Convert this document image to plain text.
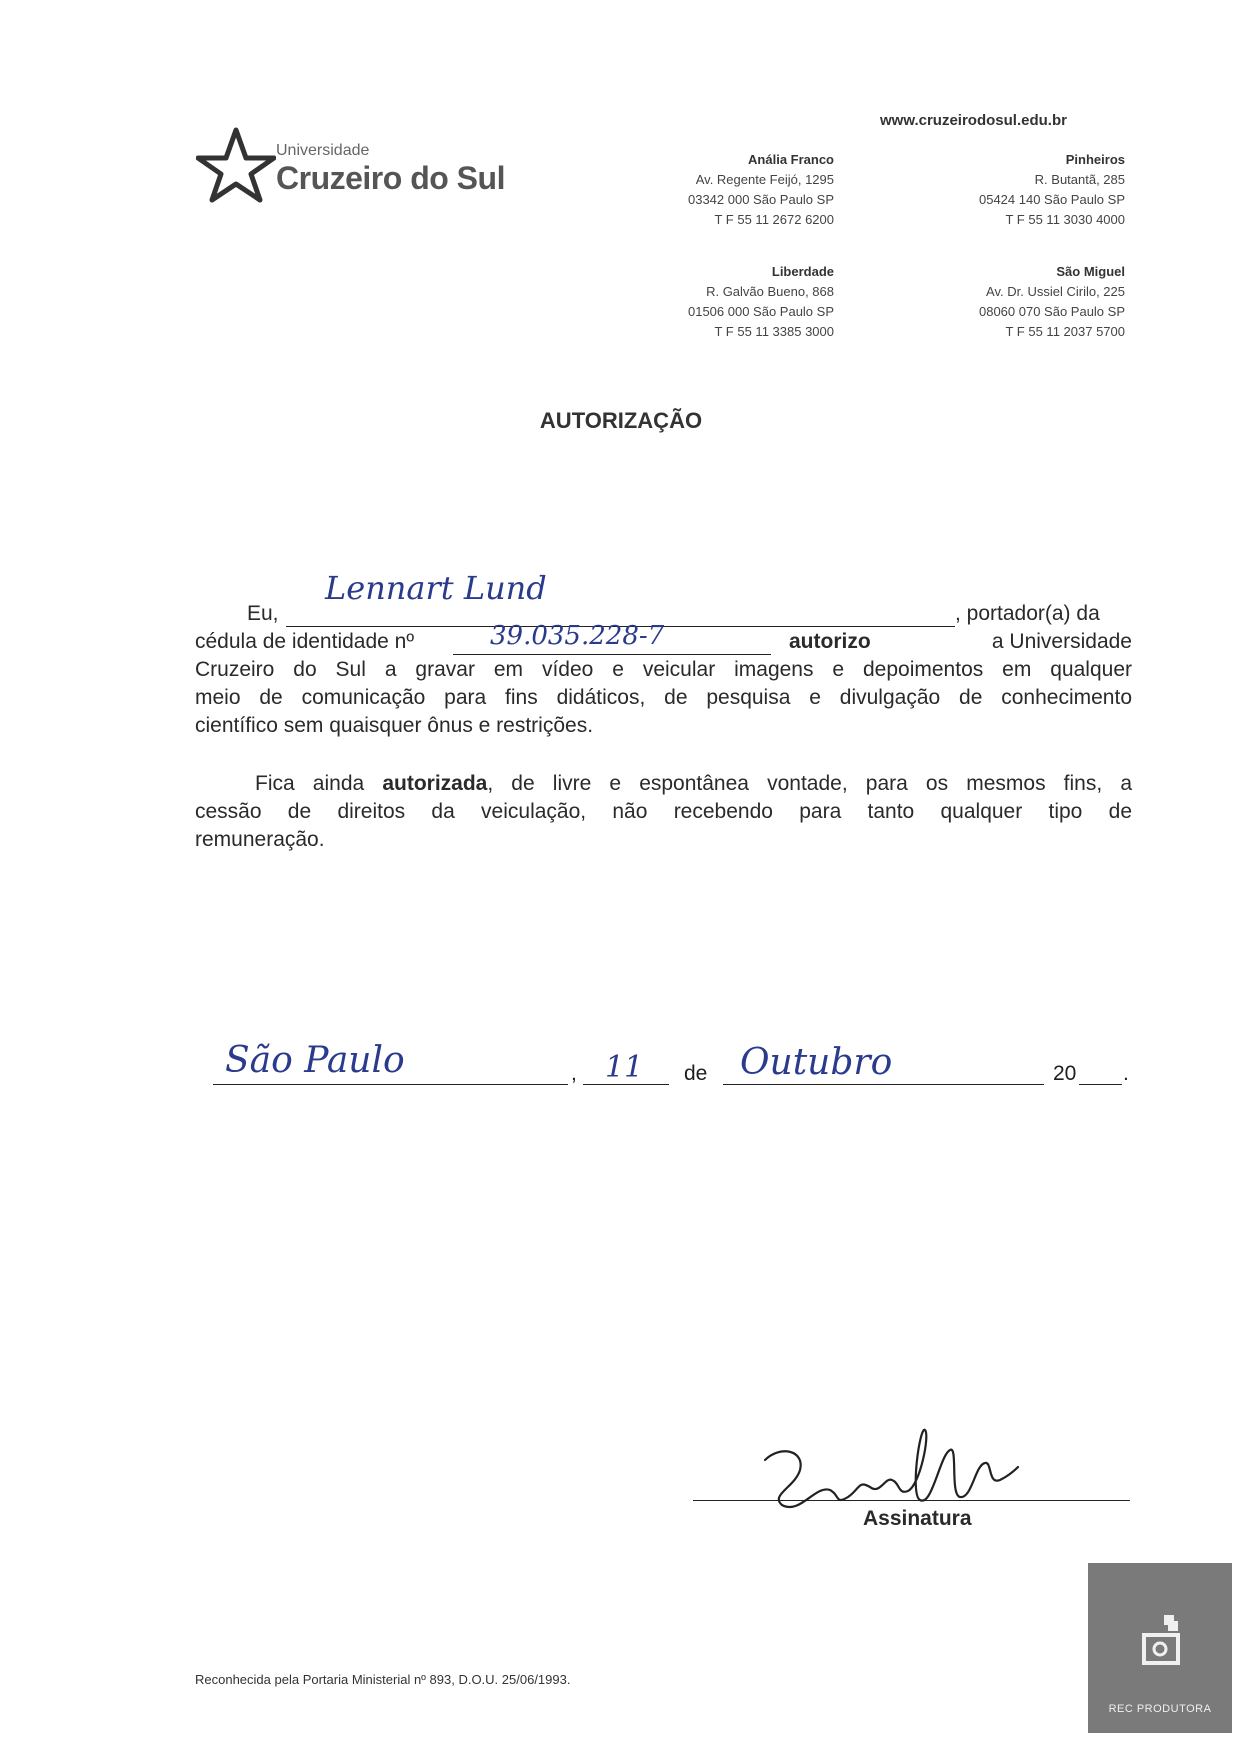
Universidade
Cruzeiro do Sul
www.cruzeirodosul.edu.br
Anália Franco
Av. Regente Feijó, 1295
03342 000 São Paulo SP
T F 55 11 2672 6200
Pinheiros
R. Butantã, 285
05424 140 São Paulo SP
T F 55 11 3030 4000
Liberdade
R. Galvão Bueno, 868
01506 000 São Paulo SP
T F 55 11 3385 3000
São Miguel
Av. Dr. Ussiel Cirilo, 225
08060 070 São Paulo SP
T F 55 11 2037 5700
AUTORIZAÇÃO
Eu,
Lennart Lund
, portador(a) da
cédula de identidade nº	39.035.228-7	autorizo	a Universidade
Cruzeiro do Sul a gravar em vídeo e veicular imagens e depoimentos em qualquer
meio de comunicação para fins didáticos, de pesquisa e divulgação de conhecimento
científico sem quaisquer ônus e restrições.
Fica ainda autorizada, de livre e espontânea vontade, para os mesmos fins, a
cessão de direitos da veiculação, não recebendo para tanto qualquer tipo de
remuneração.
São Paulo	, 11 de Outubro	20 .
Assinatura
Reconhecida pela Portaria Ministerial nº 893, D.O.U. 25/06/1993.
REC PRODUTORA
